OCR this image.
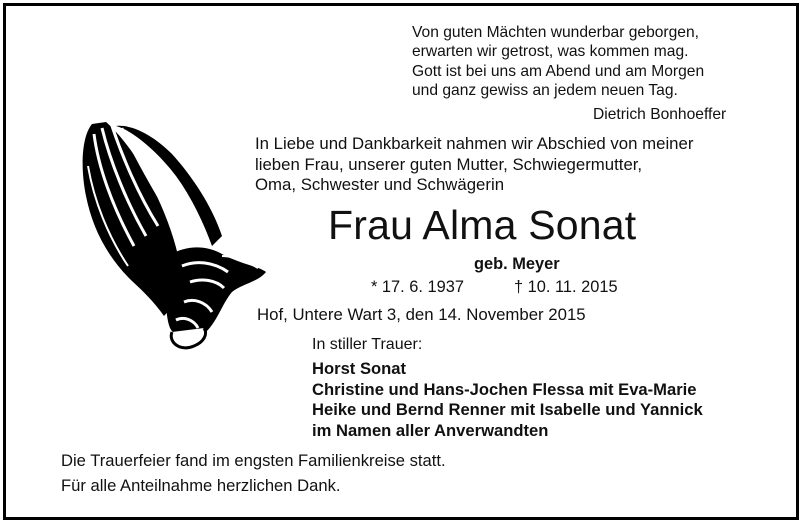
Von guten Mächten wunderbar geborgen,
erwarten wir getrost, was kommen mag.
Gott ist bei uns am Abend und am Morgen
und ganz gewiss an jedem neuen Tag.
Dietrich Bonhoeffer
In Liebe und Dankbarkeit nahmen wir Abschied von meiner
lieben Frau, unserer guten Mutter, Schwiegermutter,
Oma, Schwester und Schwägerin
Frau Alma Sonat
geb. Meyer
* 17. 6. 1937	† 10. 11. 2015
Hof, Untere Wart 3, den 14. November 2015
In stiller Trauer:
Horst Sonat
Christine und Hans-Jochen Flessa mit Eva-Marie
Heike und Bernd Renner mit Isabelle und Yannick
im Namen aller Anverwandten
Die Trauerfeier fand im engsten Familienkreise statt.
Für alle Anteilnahme herzlichen Dank.
